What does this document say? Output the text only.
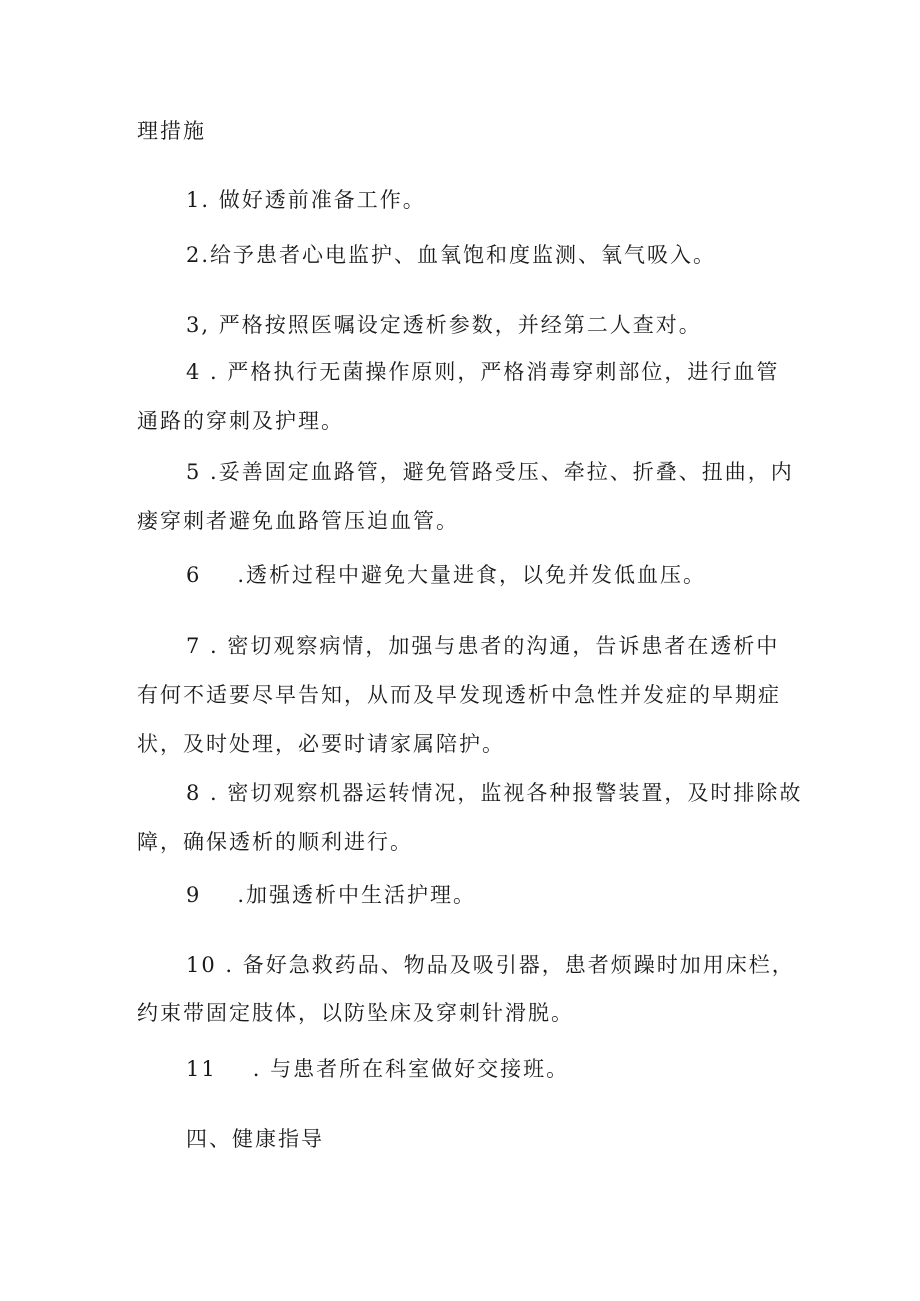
理措施
1. 做好透前准备工作。
2.给予患者心电监护、血氧饱和度监测、氧气吸入。
3, 严格按照医嘱设定透析参数，并经第二人查对。
4 . 严格执行无菌操作原则，严格消毒穿刺部位，进行血管
通路的穿刺及护理。
5 .妥善固定血路管，避免管路受压、牵拉、折叠、扭曲，内
瘘穿刺者避免血路管压迫血管。
6 .透析过程中避免大量进食，以免并发低血压。
7 . 密切观察病情，加强与患者的沟通，告诉患者在透析中
有何不适要尽早告知，从而及早发现透析中急性并发症的早期症
状，及时处理，必要时请家属陪护。
8 . 密切观察机器运转情况，监视各种报警装置，及时排除故
障，确保透析的顺利进行。
9 .加强透析中生活护理。
10 . 备好急救药品、物品及吸引器，患者烦躁时加用床栏，
约束带固定肢体，以防坠床及穿刺针滑脱。
11 . 与患者所在科室做好交接班。
四、健康指导
